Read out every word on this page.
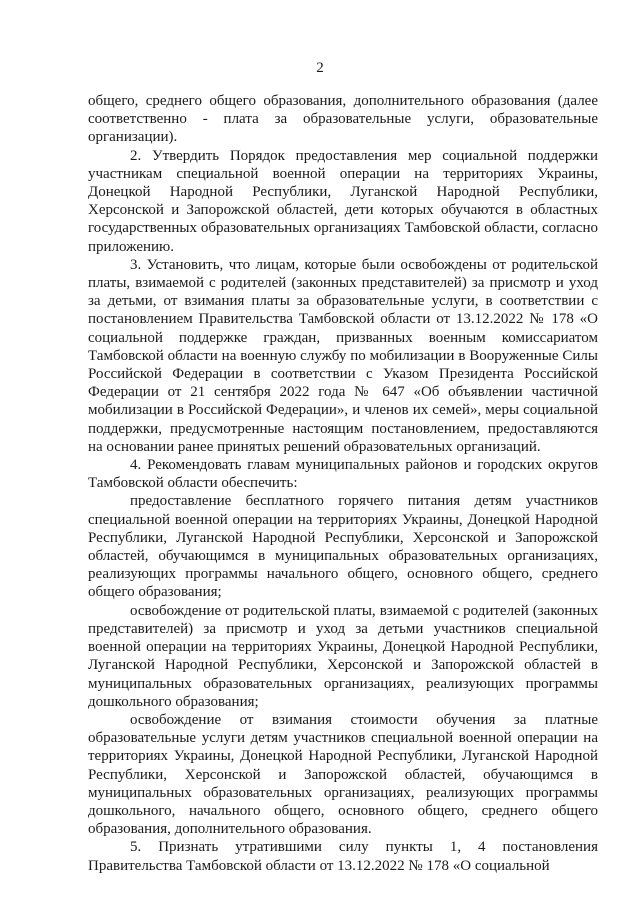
2

общего, среднего общего образования, дополнительного образования (далее соответственно - плата за образовательные услуги, образовательные организации).

2. Утвердить Порядок предоставления мер социальной поддержки участникам специальной военной операции на территориях Украины, Донецкой Народной Республики, Луганской Народной Республики, Херсонской и Запорожской областей, дети которых обучаются в областных государственных образовательных организациях Тамбовской области, согласно приложению.

3. Установить, что лицам, которые были освобождены от родительской платы, взимаемой с родителей (законных представителей) за присмотр и уход за детьми, от взимания платы за образовательные услуги, в соответствии с постановлением Правительства Тамбовской области от 13.12.2022 № 178 «О социальной поддержке граждан, призванных военным комиссариатом Тамбовской области на военную службу по мобилизации в Вооруженные Силы Российской Федерации в соответствии с Указом Президента Российской Федерации от 21 сентября 2022 года № 647 «Об объявлении частичной мобилизации в Российской Федерации», и членов их семей», меры социальной поддержки, предусмотренные настоящим постановлением, предоставляются на основании ранее принятых решений образовательных организаций.

4. Рекомендовать главам муниципальных районов и городских округов Тамбовской области обеспечить:

предоставление бесплатного горячего питания детям участников специальной военной операции на территориях Украины, Донецкой Народной Республики, Луганской Народной Республики, Херсонской и Запорожской областей, обучающимся в муниципальных образовательных организациях, реализующих программы начального общего, основного общего, среднего общего образования;

освобождение от родительской платы, взимаемой с родителей (законных представителей) за присмотр и уход за детьми участников специальной военной операции на территориях Украины, Донецкой Народной Республики, Луганской Народной Республики, Херсонской и Запорожской областей в муниципальных образовательных организациях, реализующих программы дошкольного образования;

освобождение от взимания стоимости обучения за платные образовательные услуги детям участников специальной военной операции на территориях Украины, Донецкой Народной Республики, Луганской Народной Республики, Херсонской и Запорожской областей, обучающимся в муниципальных образовательных организациях, реализующих программы дошкольного, начального общего, основного общего, среднего общего образования, дополнительного образования.

5. Признать утратившими силу пункты 1, 4 постановления Правительства Тамбовской области от 13.12.2022 № 178 «О социальной
